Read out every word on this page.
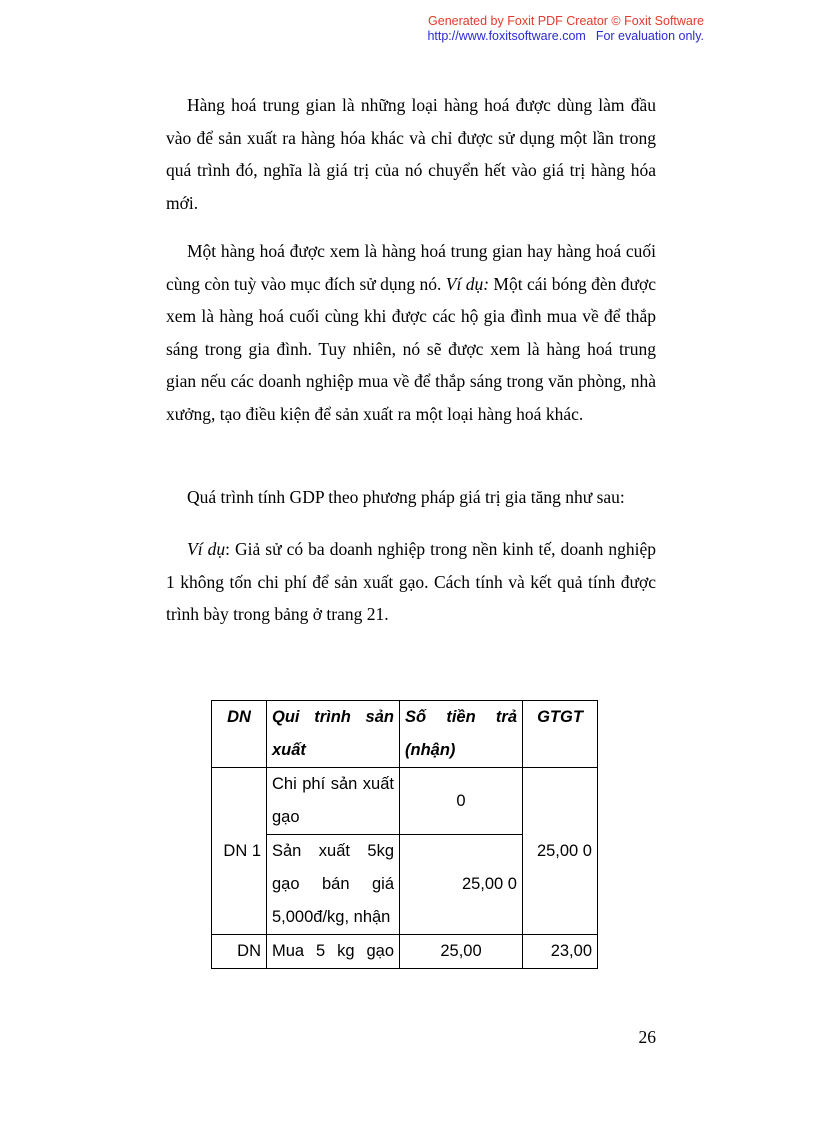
Generated by Foxit PDF Creator © Foxit Software
http://www.foxitsoftware.com For evaluation only.

Hàng hoá trung gian là những loại hàng hoá được dùng làm đầu vào để sản xuất ra hàng hóa khác và chỉ được sử dụng một lần trong quá trình đó, nghĩa là giá trị của nó chuyển hết vào giá trị hàng hóa mới.

Một hàng hoá được xem là hàng hoá trung gian hay hàng hoá cuối cùng còn tuỳ vào mục đích sử dụng nó. Ví dụ: Một cái bóng đèn được xem là hàng hoá cuối cùng khi được các hộ gia đình mua về để thắp sáng trong gia đình. Tuy nhiên, nó sẽ được xem là hàng hoá trung gian nếu các doanh nghiệp mua về để thắp sáng trong văn phòng, nhà xưởng, tạo điều kiện để sản xuất ra một loại hàng hoá khác.

Quá trình tính GDP theo phương pháp giá trị gia tăng như sau:

Ví dụ: Giả sử có ba doanh nghiệp trong nền kinh tế, doanh nghiệp 1 không tốn chi phí để sản xuất gạo. Cách tính và kết quả tính được trình bày trong bảng ở trang 21.

DN	Qui trình sản xuất	Số tiền trả (nhận)	GTGT
DN 1	Chi phí sản xuất gạo	0	25,00 0
	Sản xuất 5kg gạo bán giá 5,000đ/kg, nhận	25,00 0	
DN	Mua 5 kg gạo	25,00	23,00
26
